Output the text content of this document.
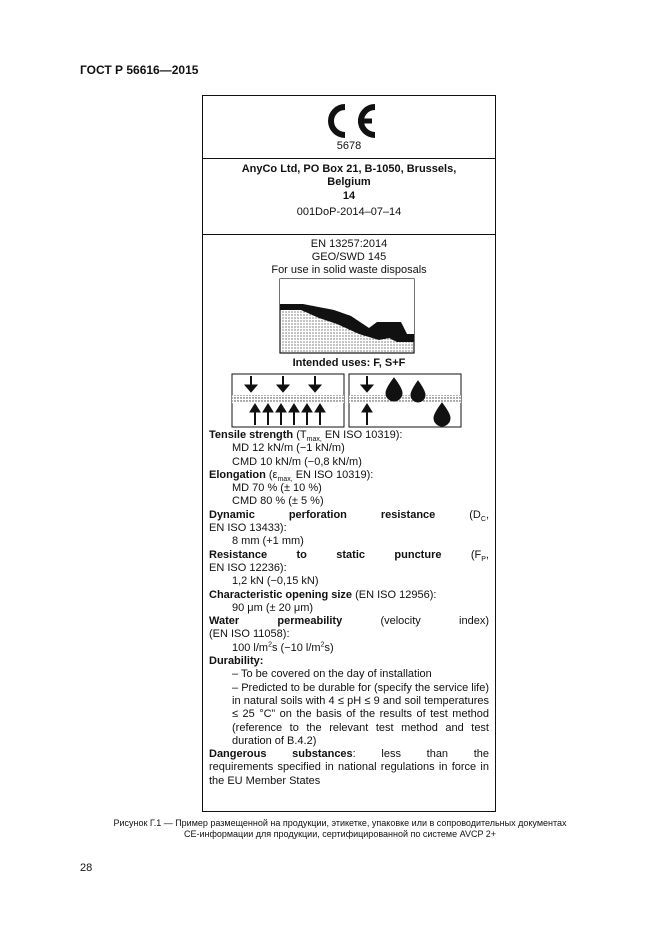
ГОСТ Р 56616—2015
5678
AnyCo Ltd, PO Box 21, B-1050, Brussels, Belgium
14
001DoP-2014–07–14
EN 13257:2014
GEO/SWD 145
For use in solid waste disposals
Intended uses: F, S+F

Tensile strength ($T_{max,}$ EN ISO 10319):

MD 12 kN/m (−1 kN/m)

CMD 10 kN/m (−0,8 kN/m)

Elongation ($\varepsilon_{max,}$ EN ISO 10319):

MD 70 % (± 10 %)

CMD 80 % (± 5 %)

Dynamic	perforation	resistance	($D_C$,

EN ISO 13433):

8 mm (+1 mm)

Resistance	to	static	puncture	($F_P$,

EN ISO 12236):

1,2 kN (−0,15 kN)

Characteristic opening size (EN ISO 12956):

90 μm (± 20 μm)

Water	permeability	(velocity	index)

(EN ISO 11058):

100 $l/m^2s$ (−10 $l/m^2s$)

Durability:

– To be covered on the day of installation

– Predicted to be durable for (specify the service life) in natural soils with 4 ≤ pH ≤ 9 and soil temperatures ≤ 25 °C” on the basis of the results of test method (reference to the relevant test method and test duration of B.4.2)

Dangerous substances: less than the

requirements specified in national regulations in force in the EU Member States

Рисунок Г.1 — Пример размещенной на продукции, этикетке, упаковке или в сопроводительных документах
CE-информации для продукции, сертифицированной по системе AVCP 2+
28
